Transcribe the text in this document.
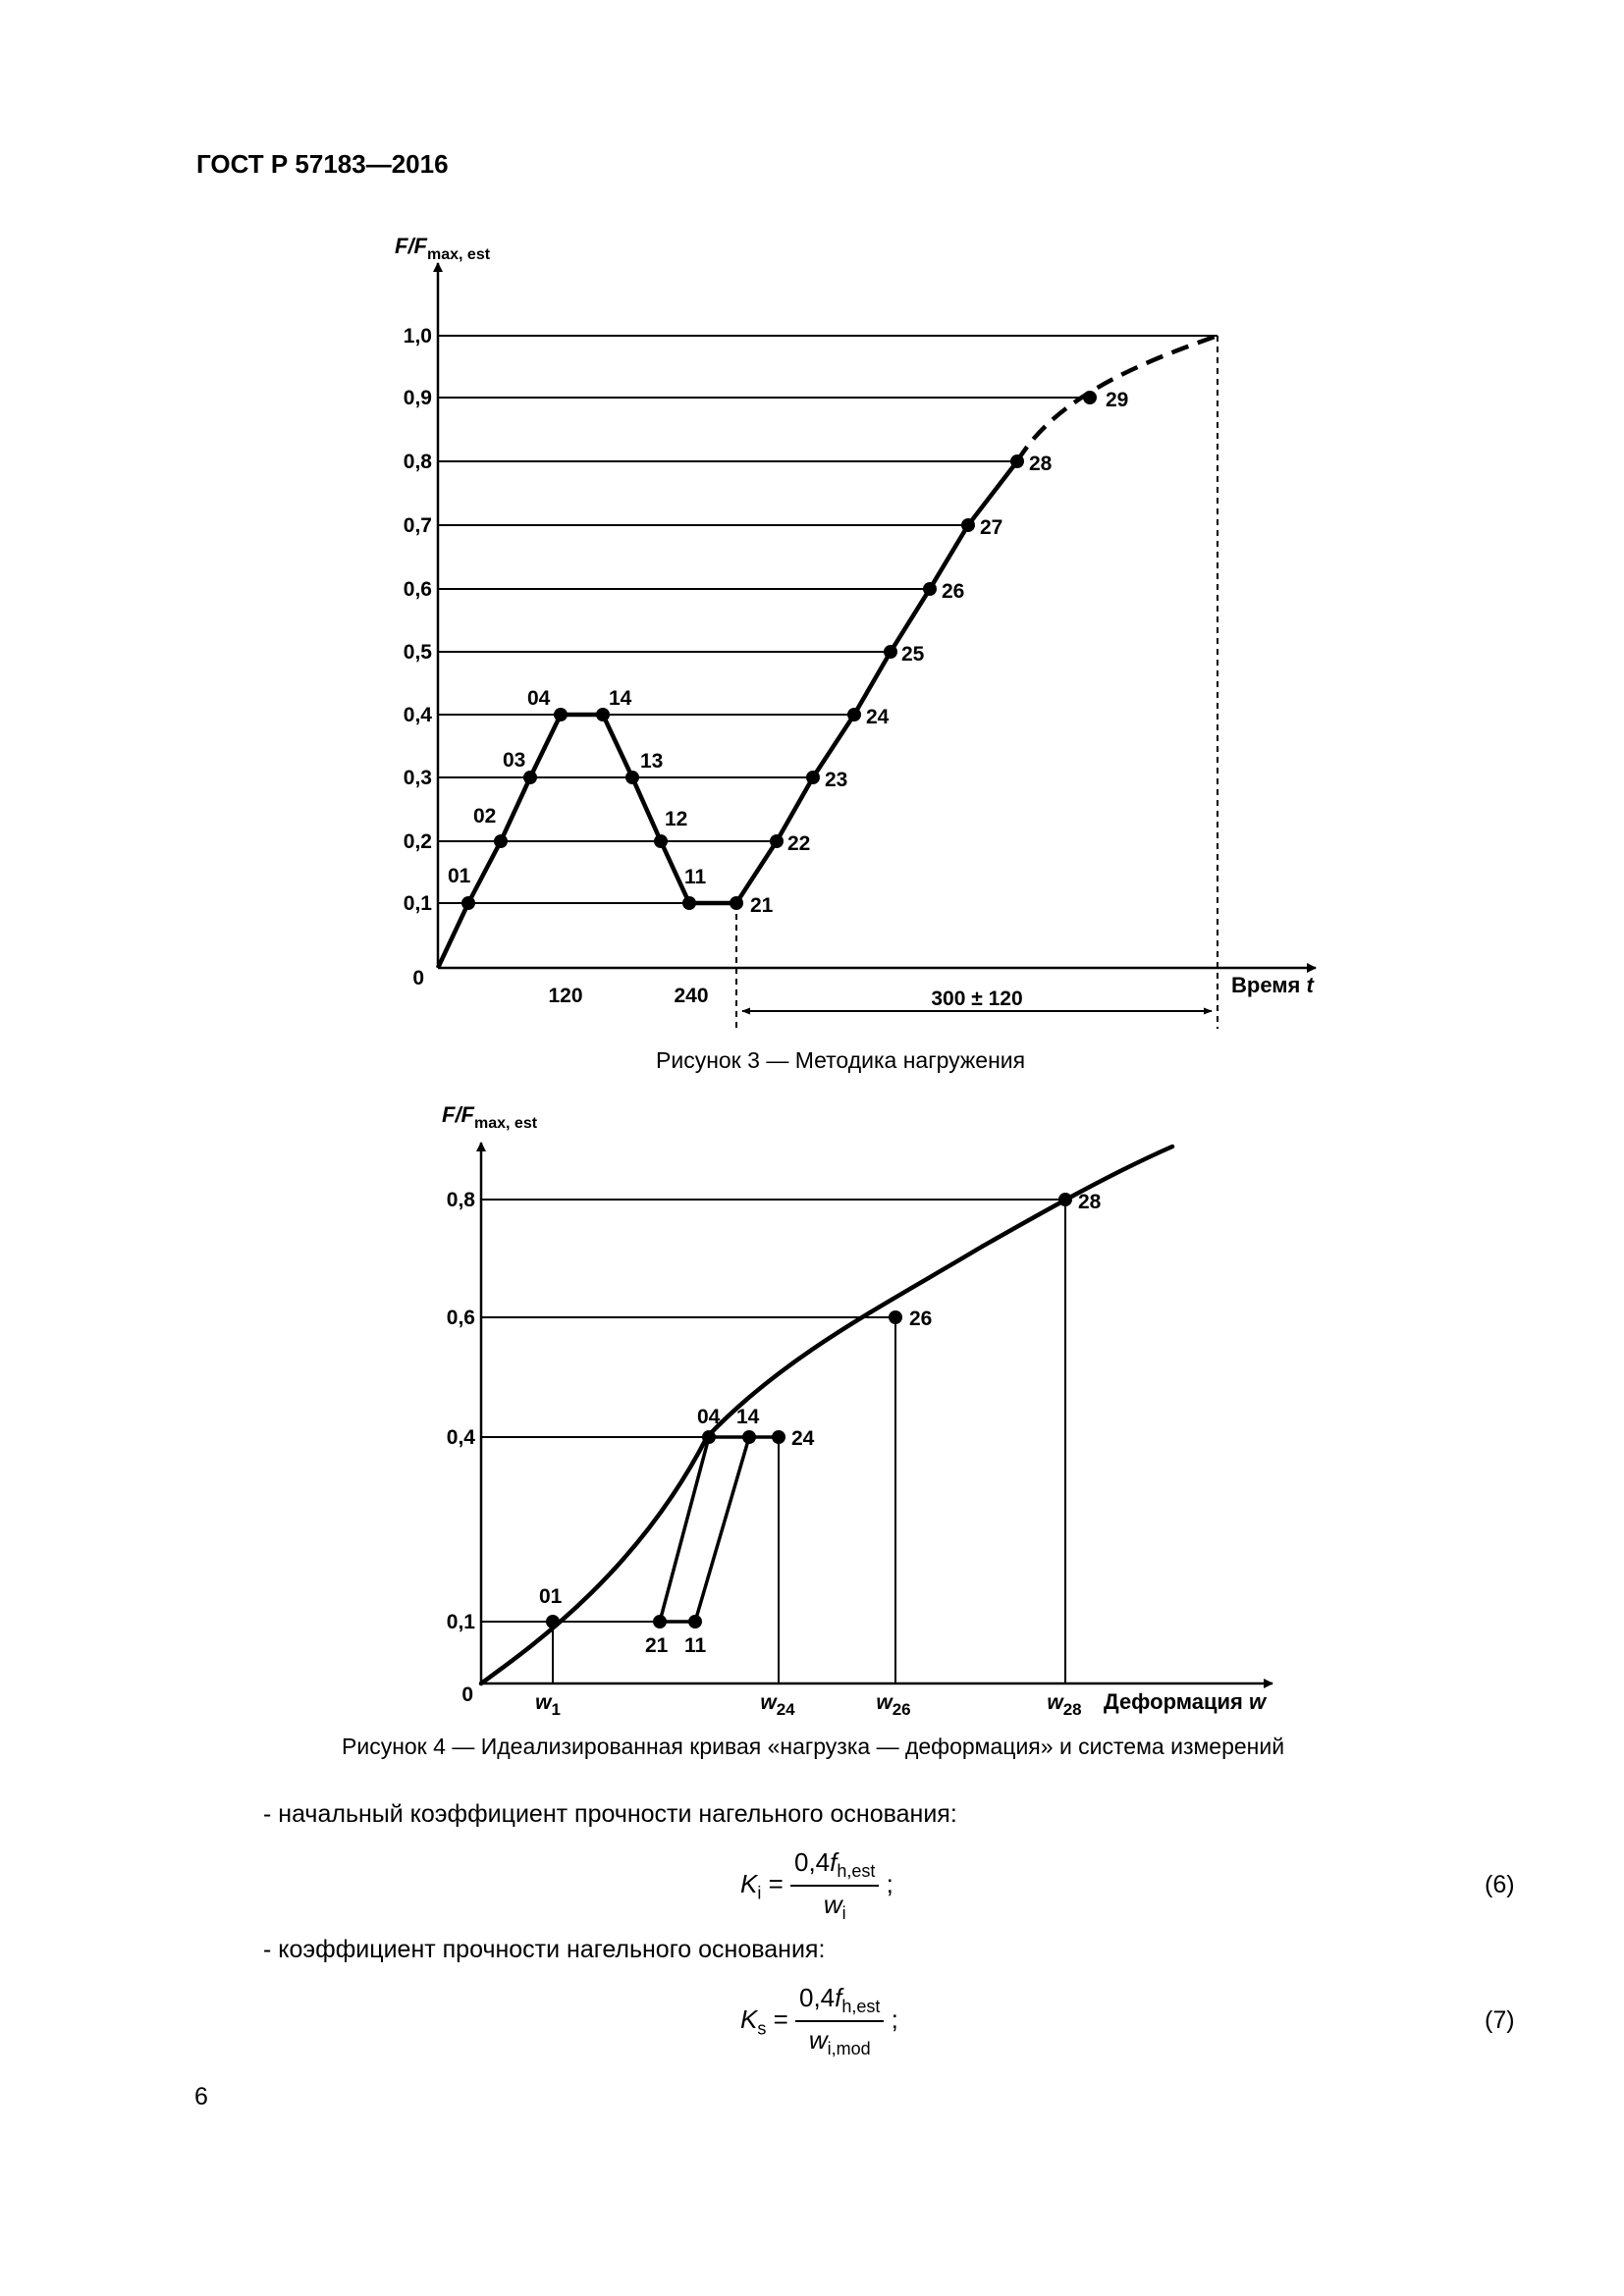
ГОСТ Р 57183—2016
300 ± 120
01
02
03
04	14
13
12
11
21
22
23
24
25
26
27
28
29
0
0,1
0,2
0,3
0,4
0,5
0,6
0,7
0,8
0,9
1,0
120	240
$F/F_{max, est}$
Время t
01
04 14
24
26
28
21 11
0
0,1
0,4
0,6
0,8
$w_1$	$w_{24}$	$w_{26}$	$w_{28}$
$F/F_{max, est}$
Деформация w
Рисунок 3 — Методика нагружения
Рисунок 4 — Идеализированная кривая «нагрузка — деформация» и система измерений
- начальный коэффициент прочности нагельного основания:
$K_i = \frac{0,4f_{h,est}}{w_i}$ ;	(6)
- коэффициент прочности нагельного основания:
$K_s = \frac{0,4f_{h,est}}{w_{i,mod}}$ ;	(7)
6
